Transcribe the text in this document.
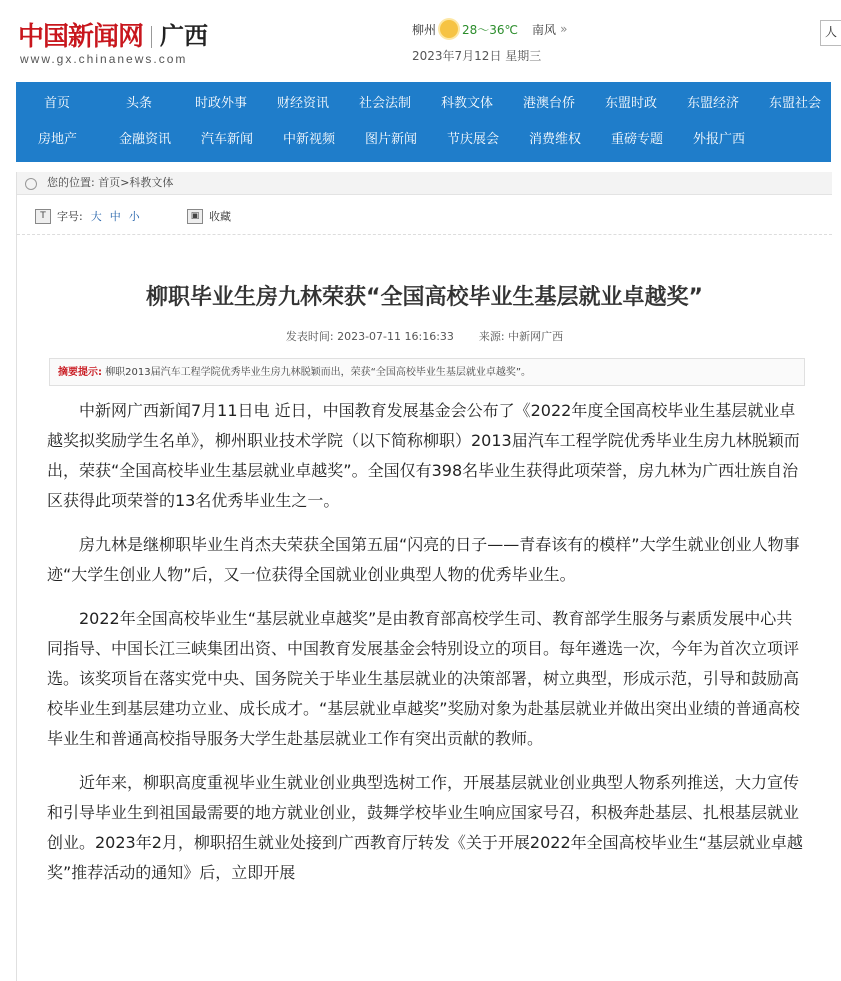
中国新闻网 广西
www.gx.chinanews.com
柳州 28～36℃ 南风 »
2023年7月12日 星期三
人
首页	头条	时政外事	财经资讯	社会法制	科教文体	港澳台侨	东盟时政	东盟经济	东盟社会
房地产	金融资讯	汽车新闻	中新视频	图片新闻	节庆展会	消费维权	重磅专题	外报广西
您的位置: 首页>科教文体
T	字号: 大 中 小	▣ 收藏
柳职毕业生房九林荣获“全国高校毕业生基层就业卓越奖”
发表时间: 2023-07-11 16:16:33 来源: 中新网广西
摘要提示: 柳职2013届汽车工程学院优秀毕业生房九林脱颖而出，荣获“全国高校毕业生基层就业卓越奖”。

中新网广西新闻7月11日电 近日，中国教育发展基金会公布了《2022年度全国高校毕业生基层就业卓越奖拟奖励学生名单》，柳州职业技术学院（以下简称柳职）2013届汽车工程学院优秀毕业生房九林脱颖而出，荣获“全国高校毕业生基层就业卓越奖”。全国仅有398名毕业生获得此项荣誉，房九林为广西壮族自治区获得此项荣誉的13名优秀毕业生之一。

房九林是继柳职毕业生肖杰夫荣获全国第五届“闪亮的日子——青春该有的模样”大学生就业创业人物事迹“大学生创业人物”后，又一位获得全国就业创业典型人物的优秀毕业生。

2022年全国高校毕业生“基层就业卓越奖”是由教育部高校学生司、教育部学生服务与素质发展中心共同指导、中国长江三峡集团出资、中国教育发展基金会特别设立的项目。每年遴选一次，今年为首次立项评选。该奖项旨在落实党中央、国务院关于毕业生基层就业的决策部署，树立典型，形成示范，引导和鼓励高校毕业生到基层建功立业、成长成才。“基层就业卓越奖”奖励对象为赴基层就业并做出突出业绩的普通高校毕业生和普通高校指导服务大学生赴基层就业工作有突出贡献的教师。

近年来，柳职高度重视毕业生就业创业典型选树工作，开展基层就业创业典型人物系列推送，大力宣传和引导毕业生到祖国最需要的地方就业创业，鼓舞学校毕业生响应国家号召，积极奔赴基层、扎根基层就业创业。2023年2月，柳职招生就业处接到广西教育厅转发《关于开展2022年全国高校毕业生“基层就业卓越奖”推荐活动的通知》后，立即开展
